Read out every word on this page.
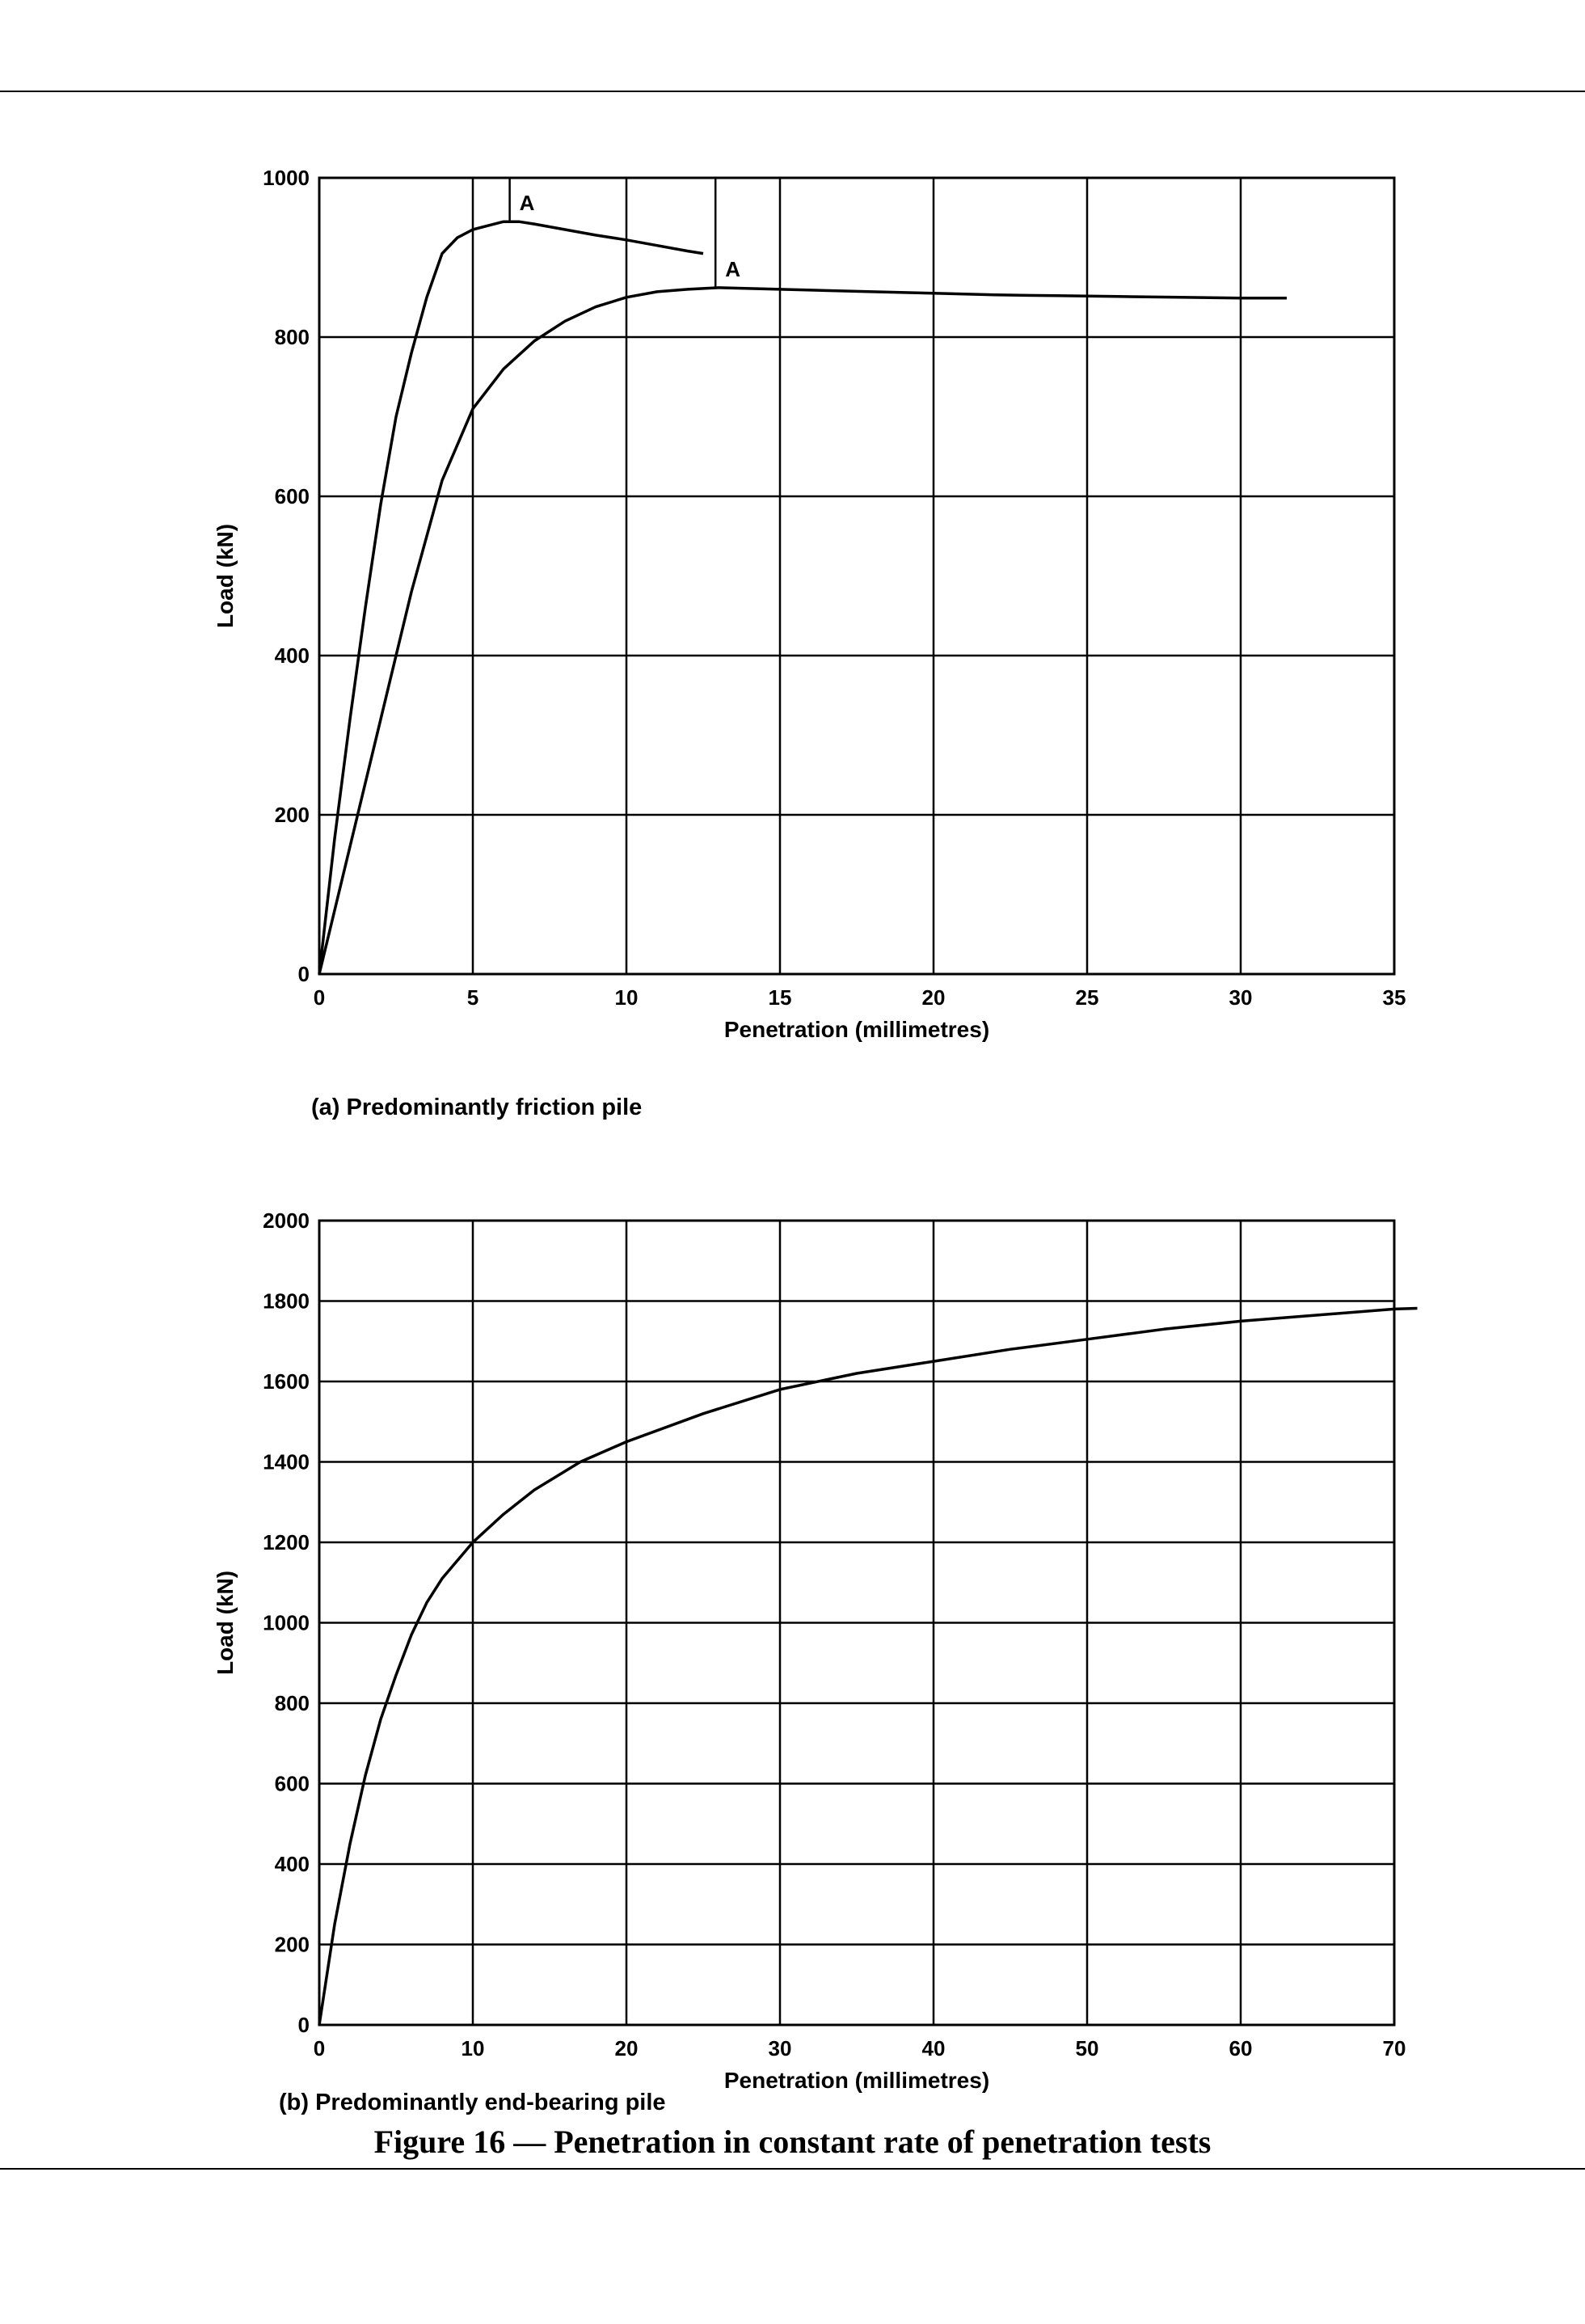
0	5	10	15	20	25	30	35
0
200
400
600
800
1000
Penetration (millimetres)
Load (kN)
A
A
(a) Predominantly friction pile
0	10	20	30	40	50	60	70
0
200
400
600
800
1000
1200
1400
1600
1800
2000
Penetration (millimetres)
Load (kN)
(b) Predominantly end-bearing pile
Figure 16 — Penetration in constant rate of penetration tests
